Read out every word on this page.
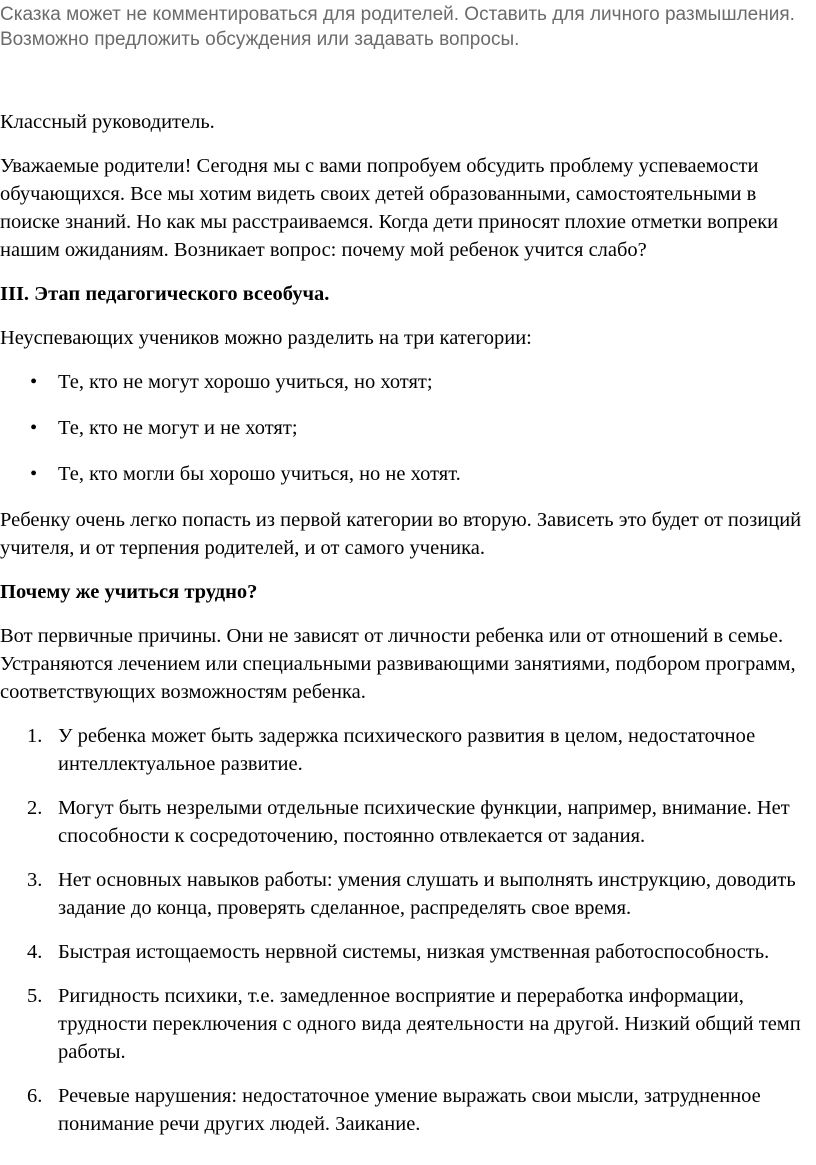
Сказка может не комментироваться для родителей. Оставить для личного размышления. Возможно предложить обсуждения или задавать вопросы.

Классный руководитель.

Уважаемые родители! Сегодня мы с вами попробуем обсудить проблему успеваемости обучающихся. Все мы хотим видеть своих детей образованными, самостоятельными в поиске знаний. Но как мы расстраиваемся. Когда дети приносят плохие отметки вопреки нашим ожиданиям. Возникает вопрос: почему мой ребенок учится слабо?

III. Этап педагогического всеобуча.

Неуспевающих учеников можно разделить на три категории:

• Те, кто не могут хорошо учиться, но хотят;
• Те, кто не могут и не хотят;
• Те, кто могли бы хорошо учиться, но не хотят.

Ребенку очень легко попасть из первой категории во вторую. Зависеть это будет от позиций учителя, и от терпения родителей, и от самого ученика.

Почему же учиться трудно?

Вот первичные причины. Они не зависят от личности ребенка или от отношений в семье. Устраняются лечением или специальными развивающими занятиями, подбором программ, соответствующих возможностям ребенка.

1. У ребенка может быть задержка психического развития в целом, недостаточное интеллектуальное развитие.
2. Могут быть незрелыми отдельные психические функции, например, внимание. Нет способности к сосредоточению, постоянно отвлекается от задания.
3. Нет основных навыков работы: умения слушать и выполнять инструкцию, доводить задание до конца, проверять сделанное, распределять свое время.
4. Быстрая истощаемость нервной системы, низкая умственная работоспособность.
5. Ригидность психики, т.е. замедленное восприятие и переработка информации, трудности переключения с одного вида деятельности на другой. Низкий общий темп работы.
6. Речевые нарушения: недостаточное умение выражать свои мысли, затрудненное понимание речи других людей. Заикание.
